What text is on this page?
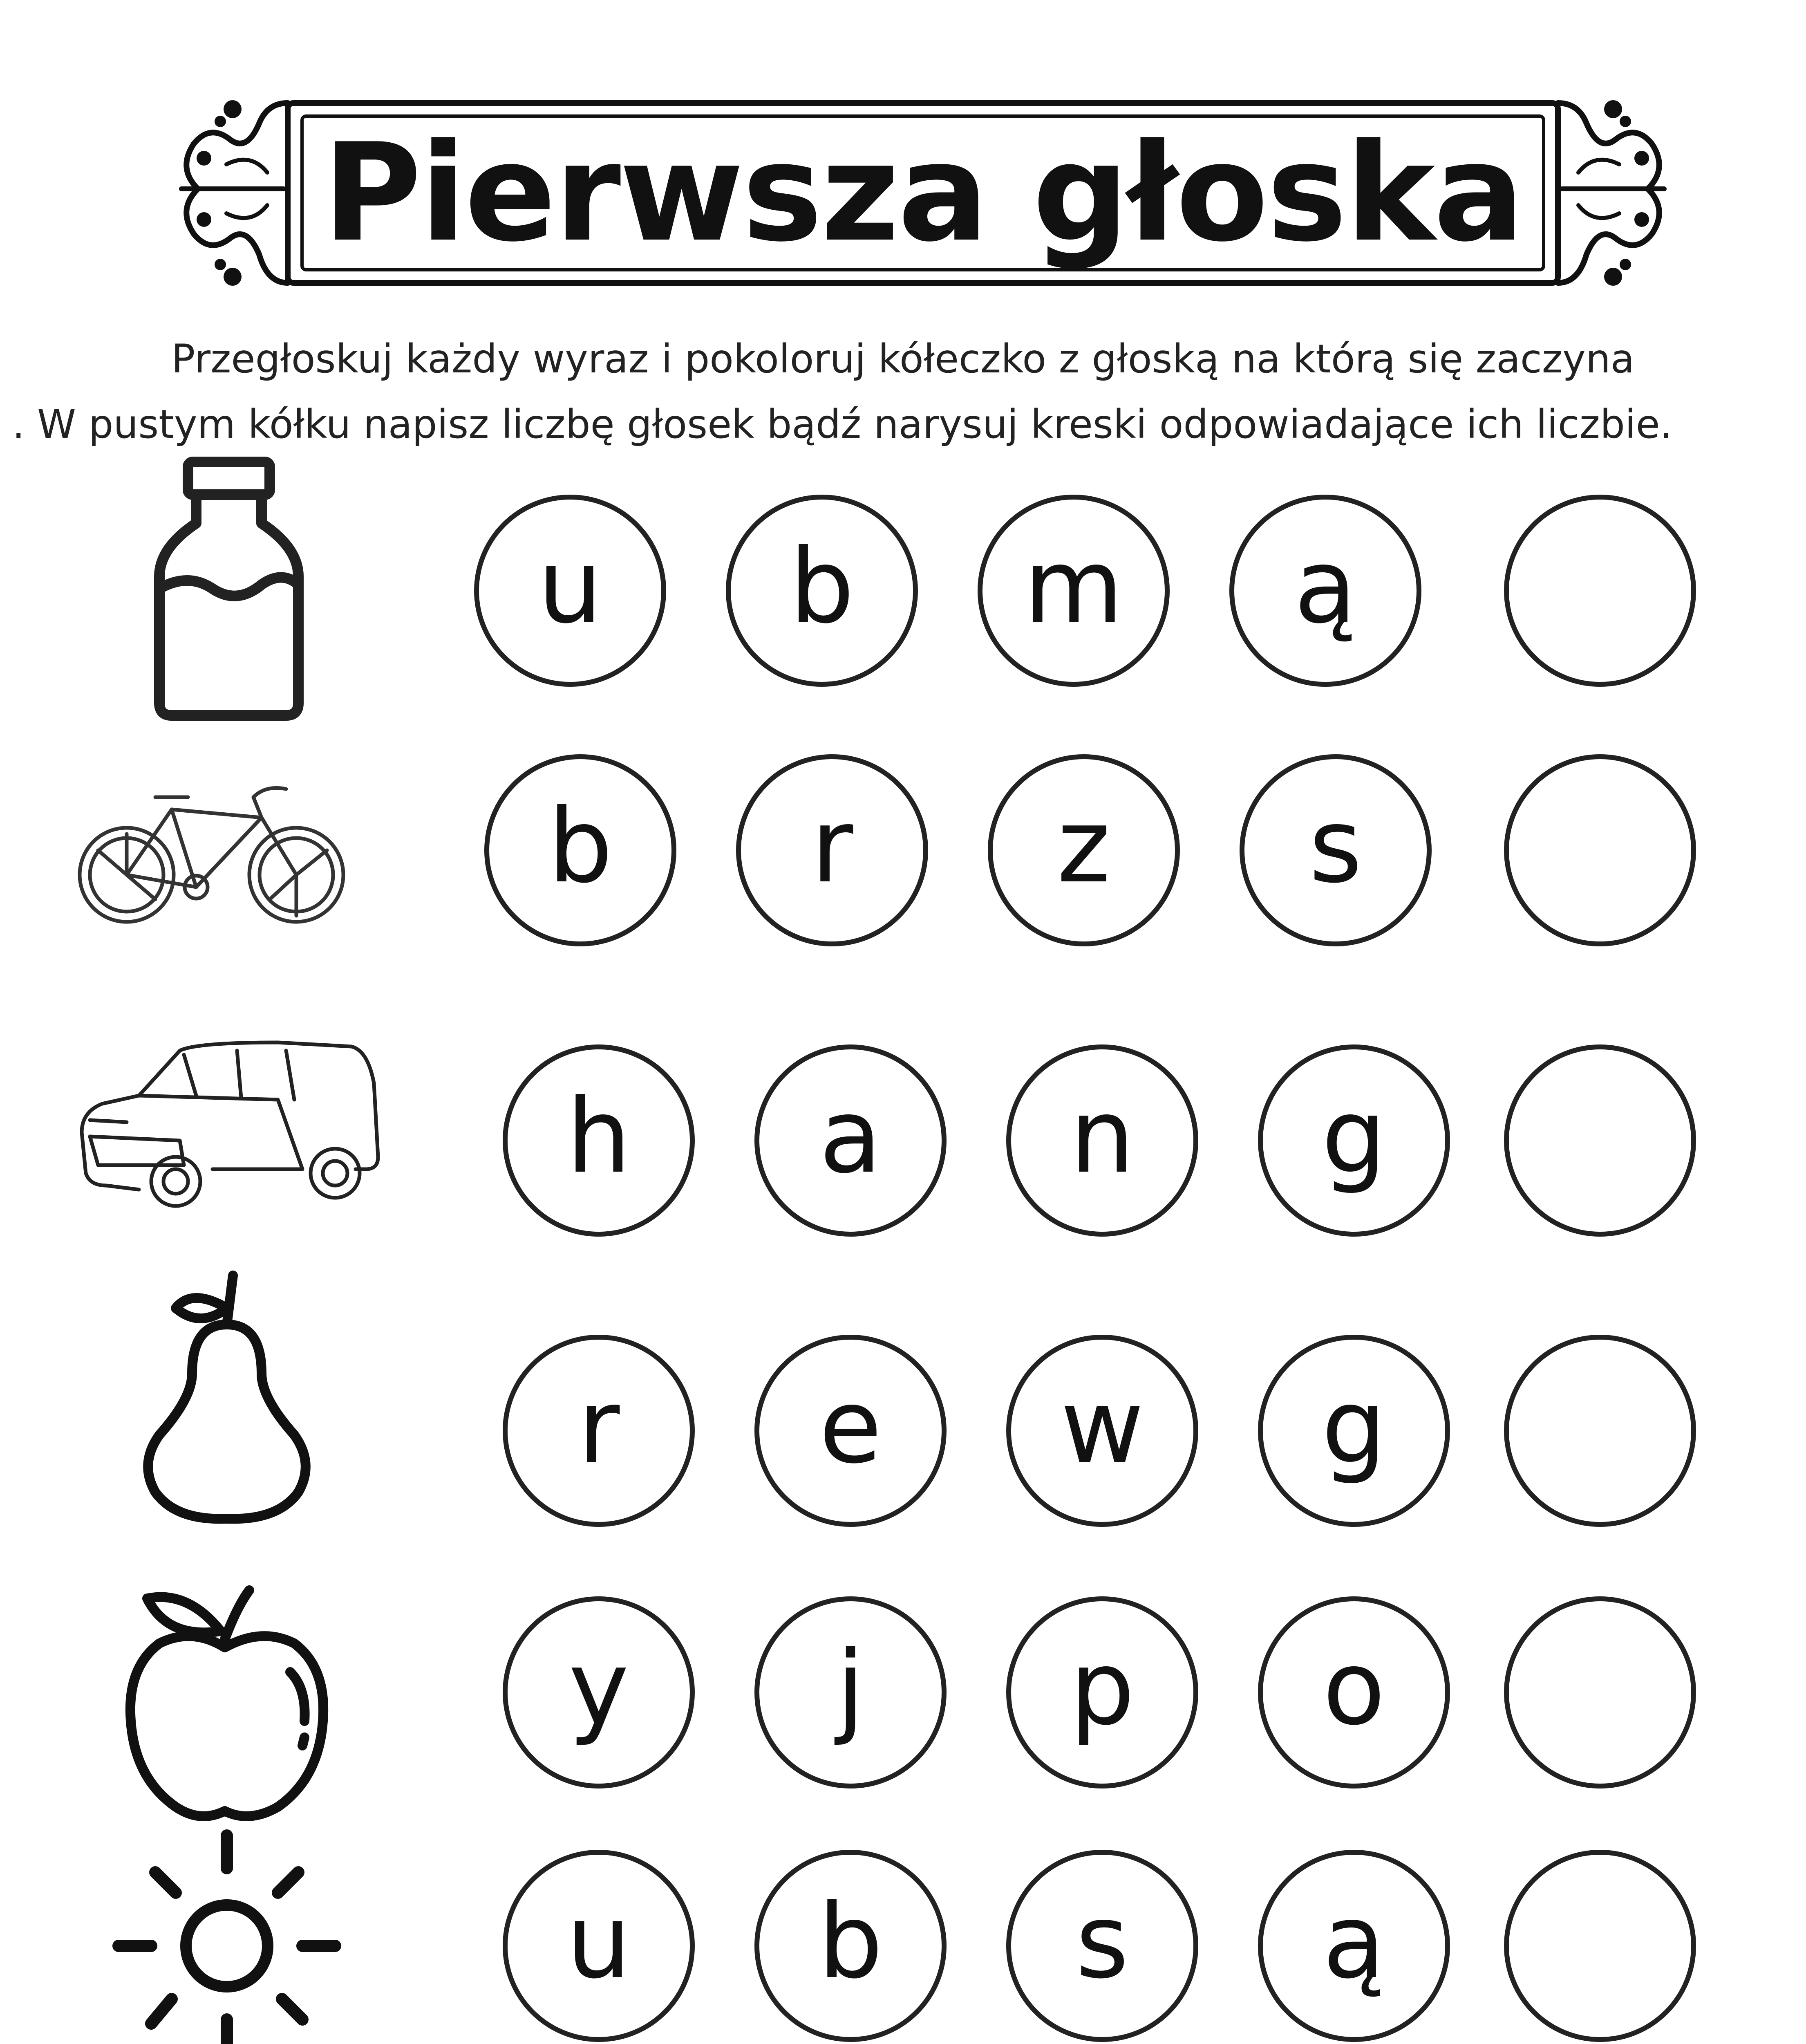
Pierwsza głoska
Przegłoskuj każdy wyraz i pokoloruj kółeczko z głoską na którą się zaczyna
. W pustym kółku napisz liczbę głosek bądź narysuj kreski odpowiadające ich liczbie.
u	b	m	ą
b	r	z	s
h	a	n	g
r	e	w	g
y	j	p	o
u	b	s	ą
